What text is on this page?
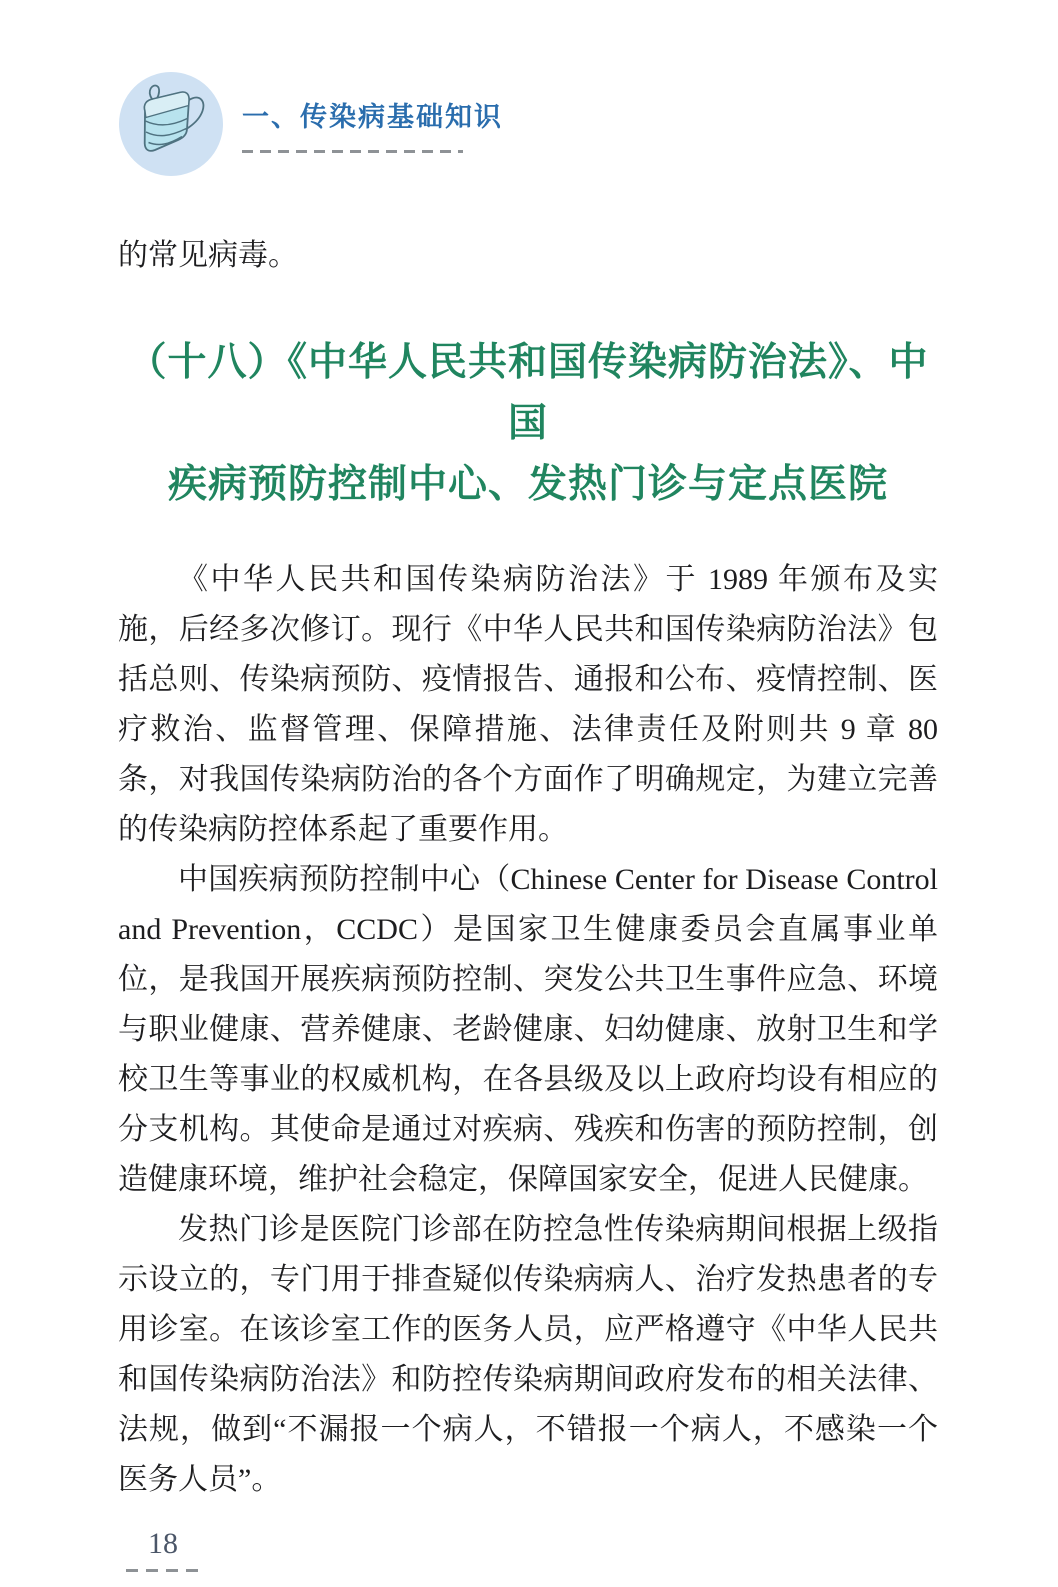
一、传染病基础知识

的常见病毒。

（十八）《中华人民共和国传染病防治法》、中国
疾病预防控制中心、发热门诊与定点医院

《中华人民共和国传染病防治法》于 1989 年颁布及实施，后经多次修订。现行《中华人民共和国传染病防治法》包括总则、传染病预防、疫情报告、通报和公布、疫情控制、医疗救治、监督管理、保障措施、法律责任及附则共 9 章 80 条，对我国传染病防治的各个方面作了明确规定，为建立完善的传染病防控体系起了重要作用。

中国疾病预防控制中心（Chinese Center for Disease Control and Prevention，CCDC）是国家卫生健康委员会直属事业单位，是我国开展疾病预防控制、突发公共卫生事件应急、环境与职业健康、营养健康、老龄健康、妇幼健康、放射卫生和学校卫生等事业的权威机构，在各县级及以上政府均设有相应的分支机构。其使命是通过对疾病、残疾和伤害的预防控制，创造健康环境，维护社会稳定，保障国家安全，促进人民健康。

发热门诊是医院门诊部在防控急性传染病期间根据上级指示设立的，专门用于排查疑似传染病病人、治疗发热患者的专用诊室。在该诊室工作的医务人员，应严格遵守《中华人民共和国传染病防治法》和防控传染病期间政府发布的相关法律、法规，做到“不漏报一个病人，不错报一个病人，不感染一个医务人员”。

18
